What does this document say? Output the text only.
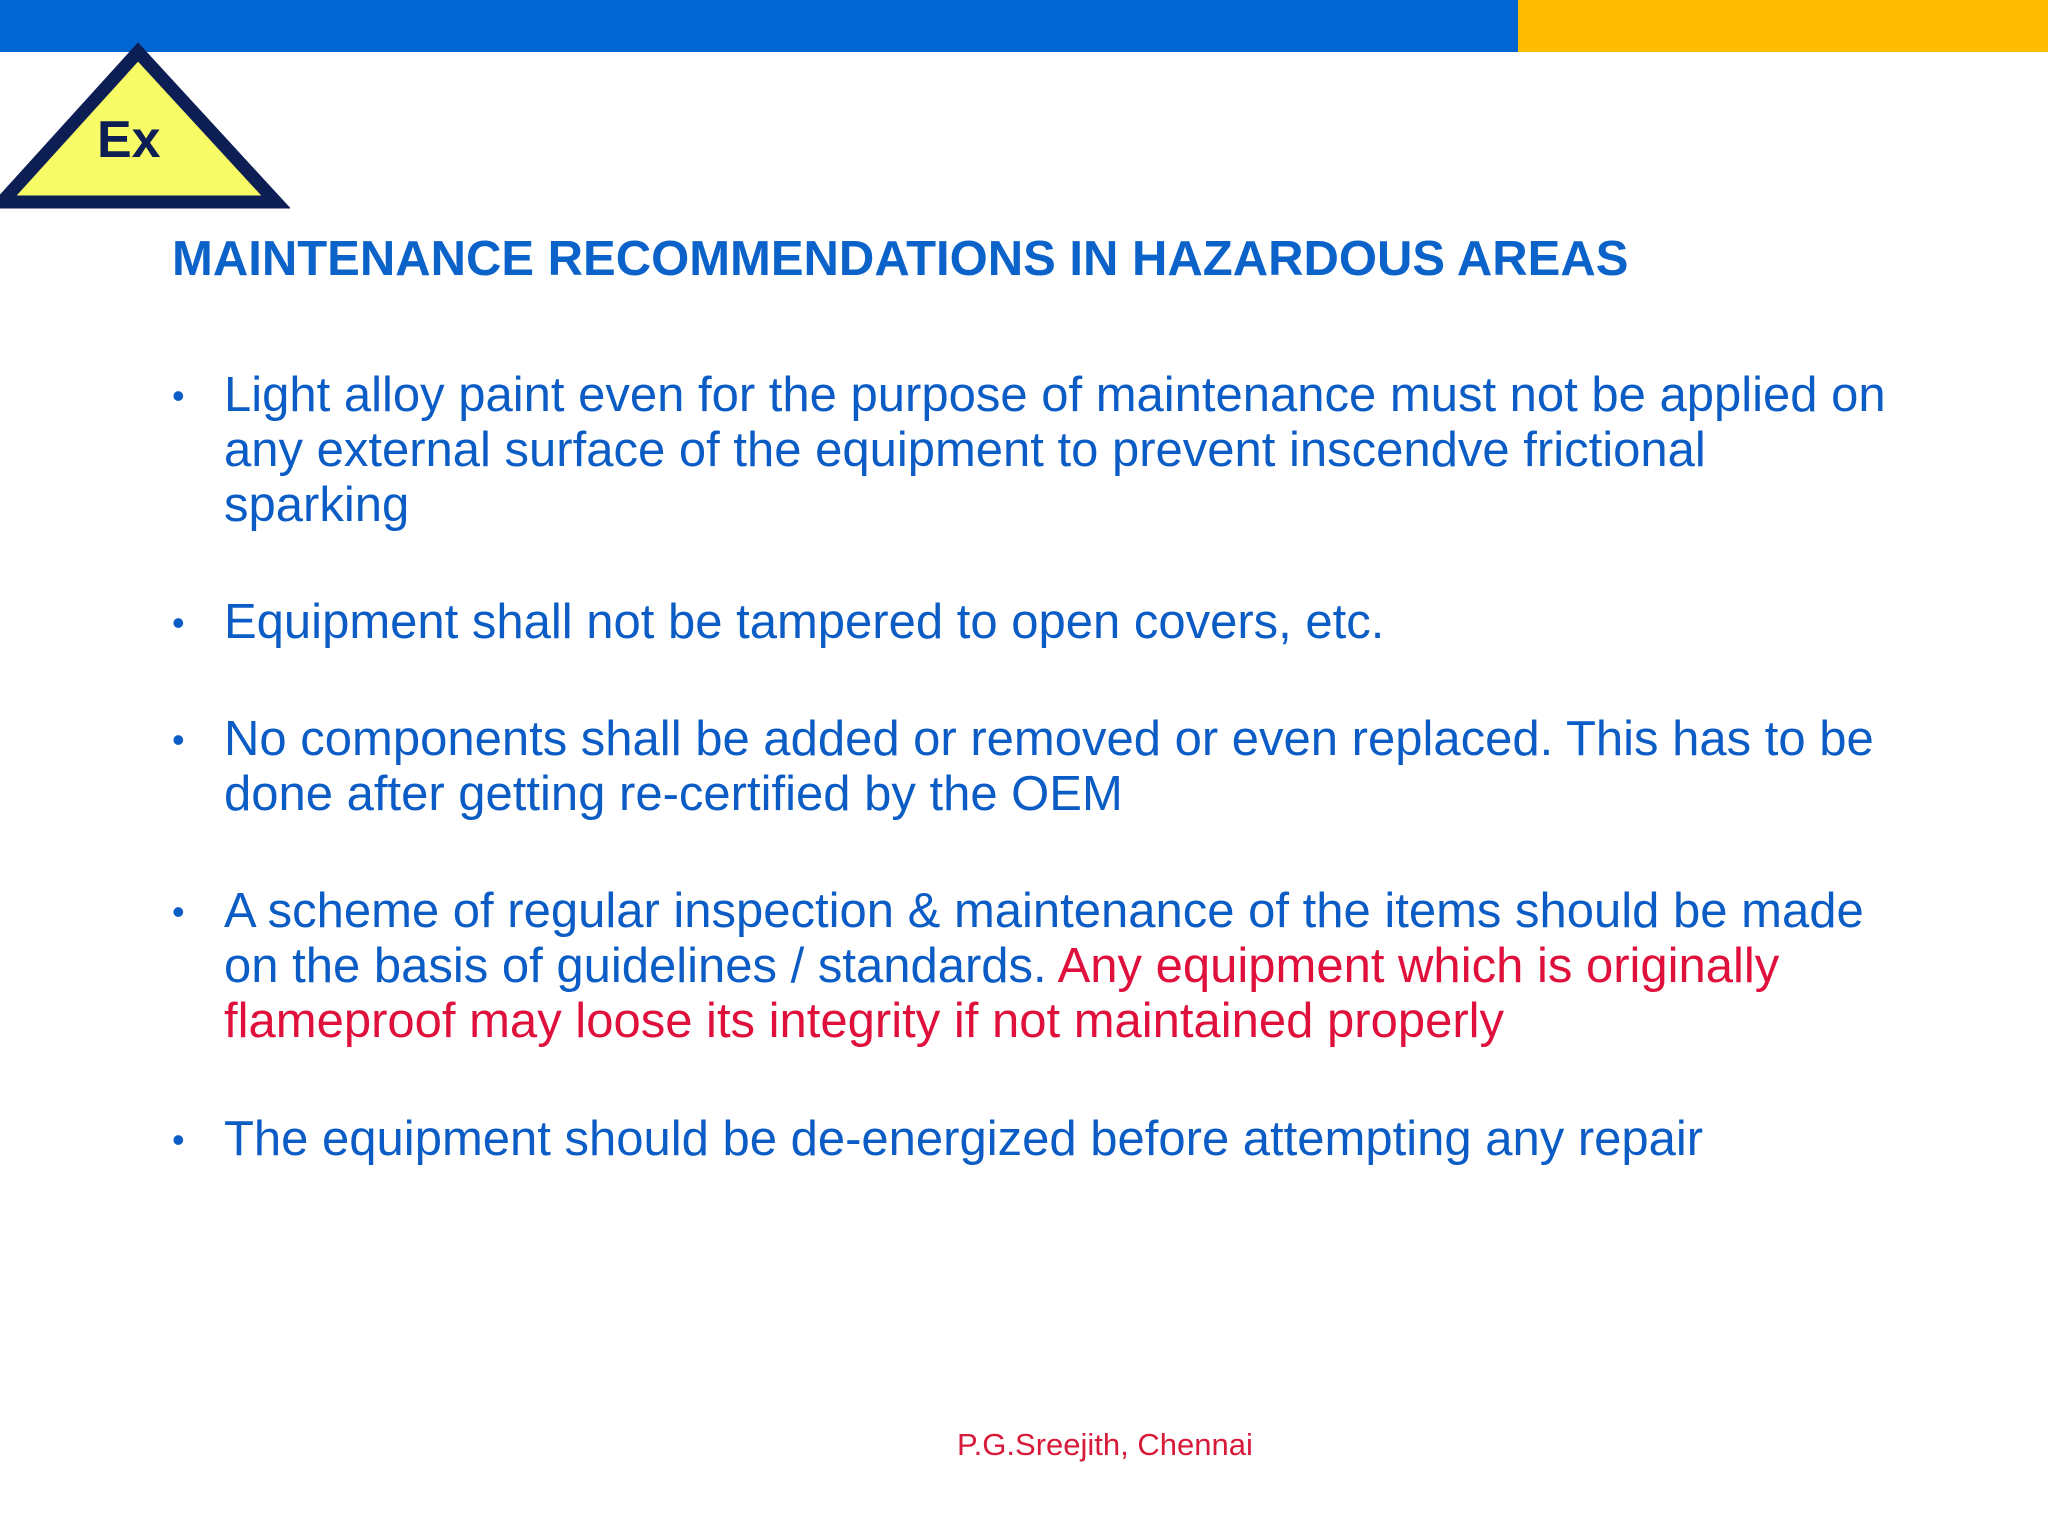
Ex
MAINTENANCE RECOMMENDATIONS IN HAZARDOUS AREAS
• Light alloy paint even for the purpose of maintenance must not be applied on any external surface of the equipment to prevent inscendve frictional sparking
• Equipment shall not be tampered to open covers, etc.
• No components shall be added or removed or even replaced. This has to be done after getting re-certified by the OEM
• A scheme of regular inspection & maintenance of the items should be made on the basis of guidelines / standards. Any equipment which is originally flameproof may loose its integrity if not maintained properly
• The equipment should be de-energized before attempting any repair
P.G.Sreejith, Chennai
